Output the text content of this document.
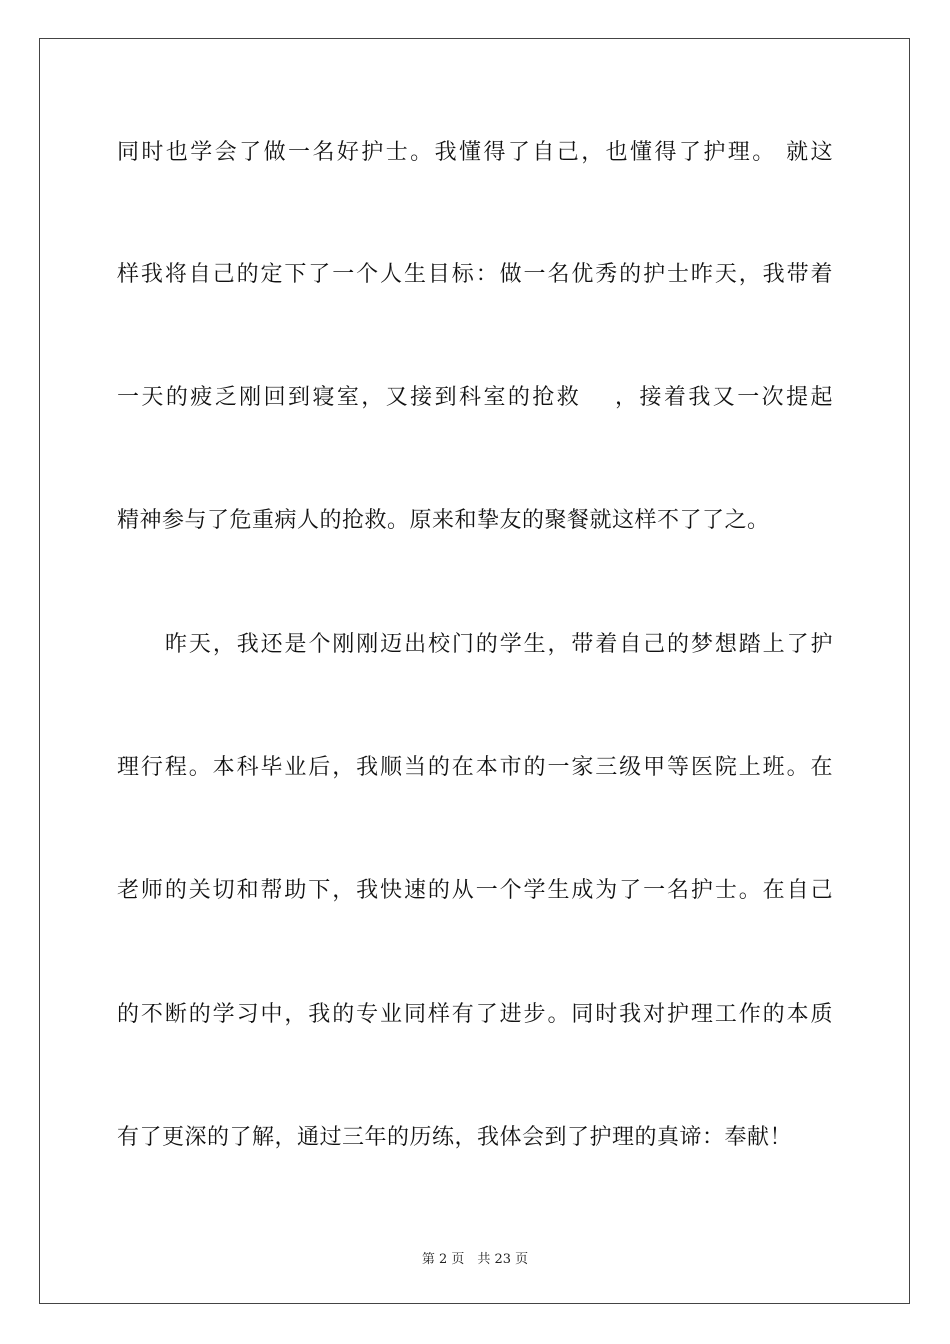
同时也学会了做一名好护士。我懂得了自己，也懂得了护理。 就这
样我将自己的定下了一个人生目标：做一名优秀的护士昨天，我带着
一天的疲乏刚回到寝室，又接到科室的抢救　 ，接着我又一次提起
精神参与了危重病人的抢救。原来和挚友的聚餐就这样不了了之。
昨天，我还是个刚刚迈出校门的学生，带着自己的梦想踏上了护
理行程。本科毕业后，我顺当的在本市的一家三级甲等医院上班。在
老师的关切和帮助下，我快速的从一个学生成为了一名护士。在自己
的不断的学习中，我的专业同样有了进步。同时我对护理工作的本质
有了更深的了解，通过三年的历练，我体会到了护理的真谛：奉献！
第 2 页　共 23 页
